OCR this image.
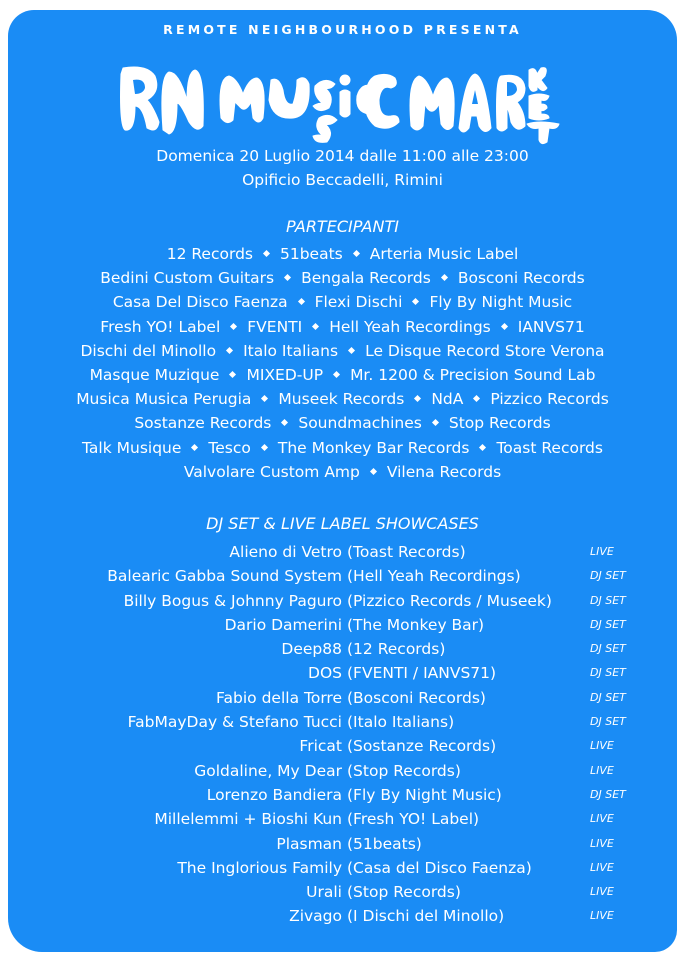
REMOTE NEIGHBOURHOOD PRESENTA
Domenica 20 Luglio 2014 dalle 11:00 alle 23:00
Opificio Beccadelli, Rimini
PARTECIPANTI
12 Records 51beats Arteria Music Label
Bedini Custom Guitars Bengala Records Bosconi Records
Casa Del Disco Faenza Flexi Dischi Fly By Night Music
Fresh YO! Label FVENTI Hell Yeah Recordings IANVS71
Dischi del Minollo Italo Italians Le Disque Record Store Verona
Masque Muzique MIXED-UP Mr. 1200 & Precision Sound Lab
Musica Musica Perugia Museek Records NdA Pizzico Records
Sostanze Records Soundmachines Stop Records
Talk Musique Tesco The Monkey Bar Records Toast Records
Valvolare Custom Amp Vilena Records
DJ SET & LIVE LABEL SHOWCASES
Alieno di Vetro (Toast Records)	LIVE
Balearic Gabba Sound System (Hell Yeah Recordings)	DJ SET
Billy Bogus & Johnny Paguro (Pizzico Records / Museek)	DJ SET
Dario Damerini (The Monkey Bar)	DJ SET
Deep88 (12 Records)	DJ SET
DOS (FVENTI / IANVS71)	DJ SET
Fabio della Torre (Bosconi Records)	DJ SET
FabMayDay & Stefano Tucci (Italo Italians)	DJ SET
Fricat (Sostanze Records)	LIVE
Goldaline, My Dear (Stop Records)	LIVE
Lorenzo Bandiera (Fly By Night Music)	DJ SET
Millelemmi + Bioshi Kun (Fresh YO! Label)	LIVE
Plasman (51beats)	LIVE
The Inglorious Family (Casa del Disco Faenza)	LIVE
Urali (Stop Records)	LIVE
Zivago (I Dischi del Minollo)	LIVE
